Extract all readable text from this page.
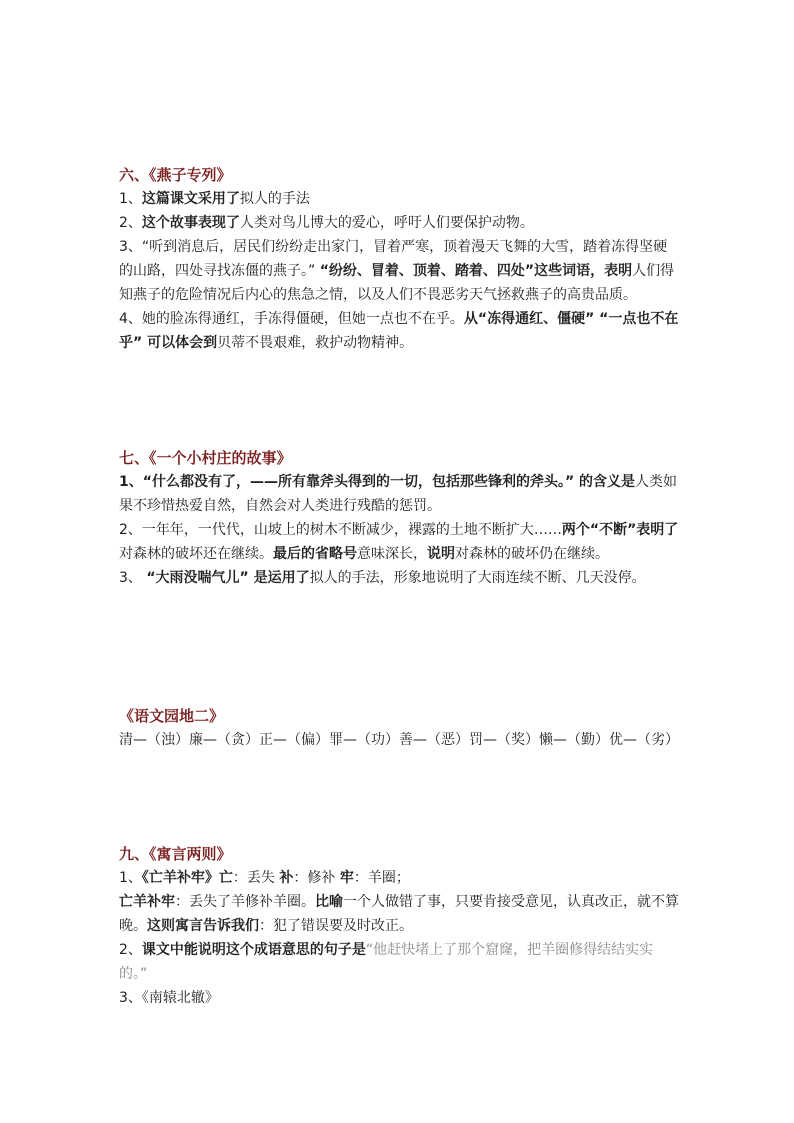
六、《燕子专列》
1、这篇课文采用了拟人的手法
2、这个故事表现了人类对鸟儿博大的爱心，呼吁人们要保护动物。
3、“听到消息后，居民们纷纷走出家门，冒着严寒，顶着漫天飞舞的大雪，踏着冻得坚硬的山路，四处寻找冻僵的燕子。” “纷纷、冒着、顶着、踏着、四处”这些词语，表明人们得知燕子的危险情况后内心的焦急之情，以及人们不畏恶劣天气拯救燕子的高贵品质。
4、她的脸冻得通红，手冻得僵硬，但她一点也不在乎。从“冻得通红、僵硬” “一点也不在乎” 可以体会到贝蒂不畏艰难，救护动物精神。
七、《一个小村庄的故事》
1、“什么都没有了，——所有靠斧头得到的一切，包括那些锋利的斧头。” 的含义是人类如果不珍惜热爱自然，自然会对人类进行残酷的惩罚。
2、一年年，一代代，山坡上的树木不断减少，裸露的土地不断扩大……两个“不断”表明了对森林的破坏还在继续。最后的省略号意味深长，说明对森林的破坏仍在继续。
3、 “大雨没喘气儿” 是运用了拟人的手法，形象地说明了大雨连续不断、几天没停。
《语文园地二》
清—（浊）廉—（贪）正—（偏）罪—（功）善—（恶）罚—（奖）懒—（勤）优—（劣）
九、《寓言两则》
1、《亡羊补牢》亡：丢失 补：修补 牢：羊圈；
亡羊补牢：丢失了羊修补羊圈。比喻一个人做错了事，只要肯接受意见，认真改正，就不算晚。这则寓言告诉我们：犯了错误要及时改正。
2、课文中能说明这个成语意思的句子是“他赶快堵上了那个窟窿，把羊圈修得结结实实的。”
3、《南辕北辙》
